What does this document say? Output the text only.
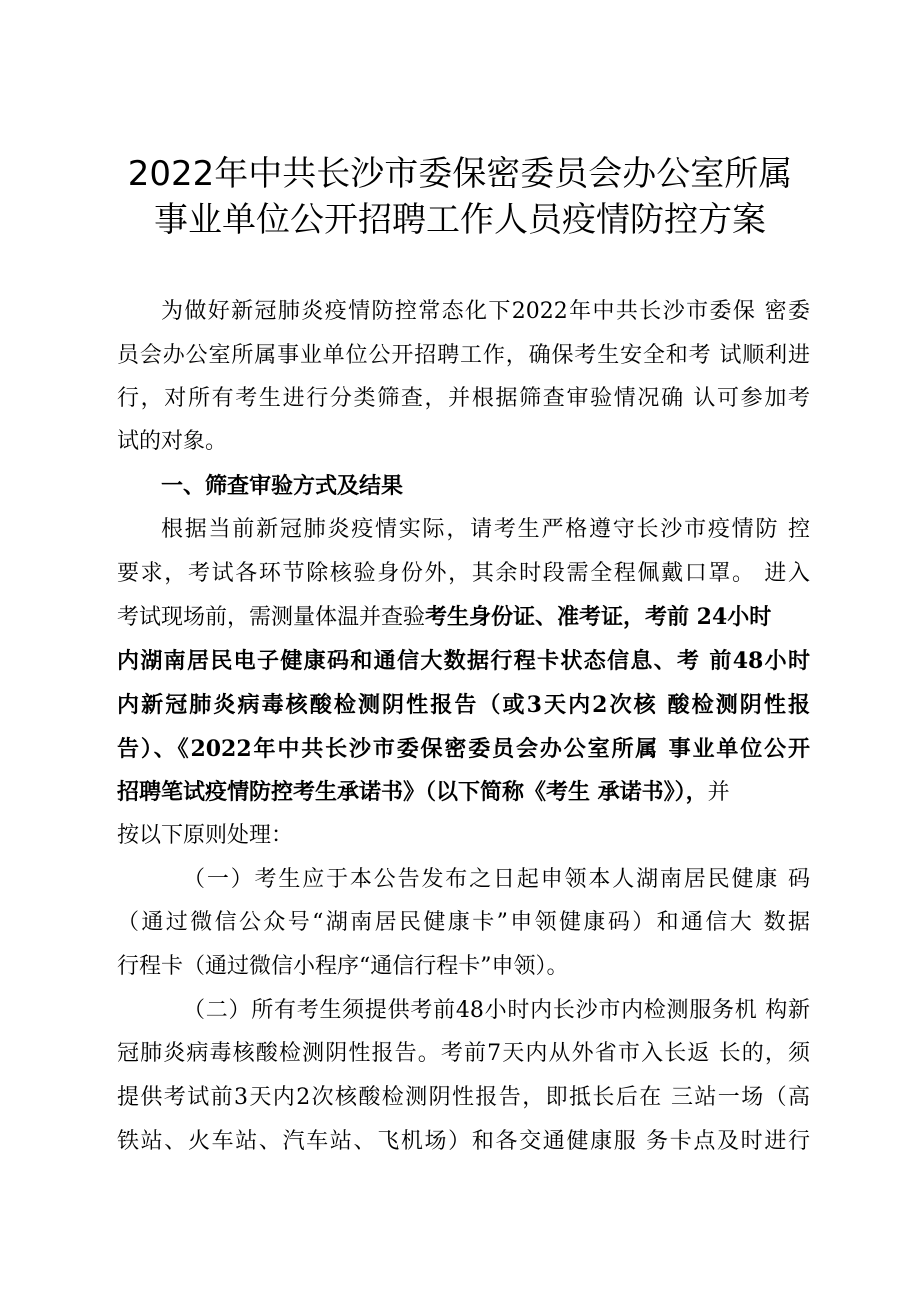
2022年中共长沙市委保密委员会办公室所属
事业单位公开招聘工作人员疫情防控方案
为做好新冠肺炎疫情防控常态化下2022年中共长沙市委保 密委
员会办公室所属事业单位公开招聘工作，确保考生安全和考 试顺利进
行，对所有考生进行分类筛查，并根据筛查审验情况确 认可参加考
试的对象。
一、筛查审验方式及结果
根据当前新冠肺炎疫情实际，请考生严格遵守长沙市疫情防 控
要求，考试各环节除核验身份外，其余时段需全程佩戴口罩。 进入
考试现场前，需测量体温并查验考生身份证、准考证，考前 24小时
内湖南居民电子健康码和通信大数据行程卡状态信息、考 前48小时
内新冠肺炎病毒核酸检测阴性报告（或3天内2次核 酸检测阴性报
告）、《2022年中共长沙市委保密委员会办公室所属 事业单位公开
招聘笔试疫情防控考生承诺书》（以下简称《考生 承诺书》），并
按以下原则处理：
（一）考生应于本公告发布之日起申领本人湖南居民健康 码
（通过微信公众号“湖南居民健康卡”申领健康码）和通信大 数据
行程卡（通过微信小程序“通信行程卡”申领）。
（二）所有考生须提供考前48小时内长沙市内检测服务机 构新
冠肺炎病毒核酸检测阴性报告。考前7天内从外省市入长返 长的，须
提供考试前3天内2次核酸检测阴性报告，即抵长后在 三站一场（高
铁站、火车站、汽车站、飞机场）和各交通健康服 务卡点及时进行
